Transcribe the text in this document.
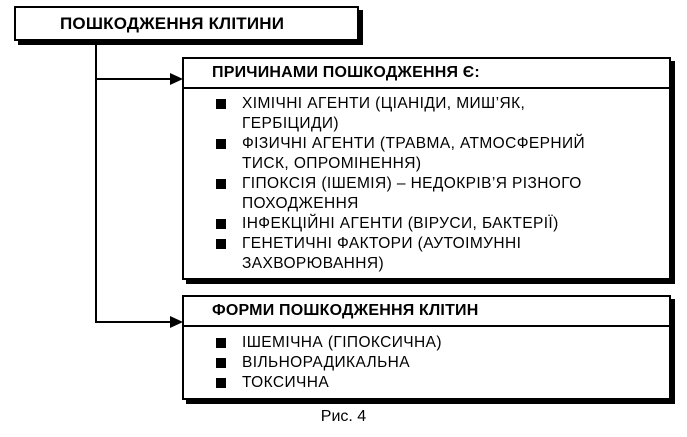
ПОШКОДЖЕННЯ КЛІТИНИ
ПРИЧИНАМИ ПОШКОДЖЕННЯ Є:
ХІМІЧНІ АГЕНТИ (ЦІАНІДИ, МИШ’ЯК,
ГЕРБІЦИДИ)
ФІЗИЧНІ АГЕНТИ (ТРАВМА, АТМОСФЕРНИЙ
ТИСК, ОПРОМІНЕННЯ)
ГІПОКСІЯ (ІШЕМІЯ) – НЕДОКРІВ’Я РІЗНОГО
ПОХОДЖЕННЯ
ІНФЕКЦІЙНІ АГЕНТИ (ВІРУСИ, БАКТЕРІЇ)
ГЕНЕТИЧНІ ФАКТОРИ (АУТОІМУННІ
ЗАХВОРЮВАННЯ)
ФОРМИ ПОШКОДЖЕННЯ КЛІТИН
ІШЕМІЧНА (ГІПОКСИЧНА)
ВІЛЬНОРАДИКАЛЬНА
ТОКСИЧНА
Рис. 4
